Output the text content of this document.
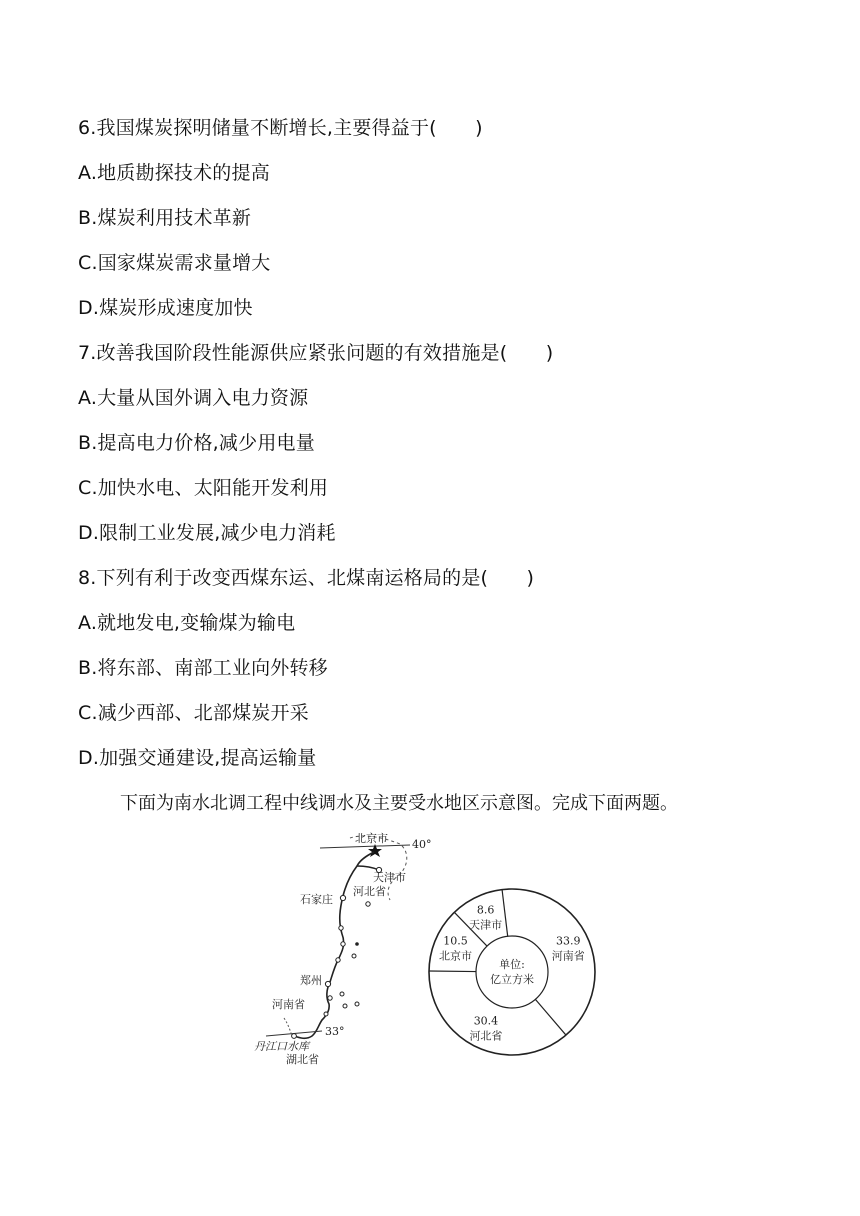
6.我国煤炭探明储量不断增长,主要得益于(　　)
A.地质勘探技术的提高
B.煤炭利用技术革新
C.国家煤炭需求量增大
D.煤炭形成速度加快
7.改善我国阶段性能源供应紧张问题的有效措施是(　　)
A.大量从国外调入电力资源
B.提高电力价格,减少用电量
C.加快水电、太阳能开发利用
D.限制工业发展,减少电力消耗
8.下列有利于改变西煤东运、北煤南运格局的是(　　)
A.就地发电,变输煤为输电
B.将东部、南部工业向外转移
C.减少西部、北部煤炭开采
D.加强交通建设,提高运输量
下面为南水北调工程中线调水及主要受水地区示意图。完成下面两题。
40°
北京市
天津市
河北省
石家庄
郑州
河南省
33°
丹江口水库
湖北省
单位:
亿立方米
8.6
天津市
33.9
河南省
30.4
河北省
10.5
北京市
